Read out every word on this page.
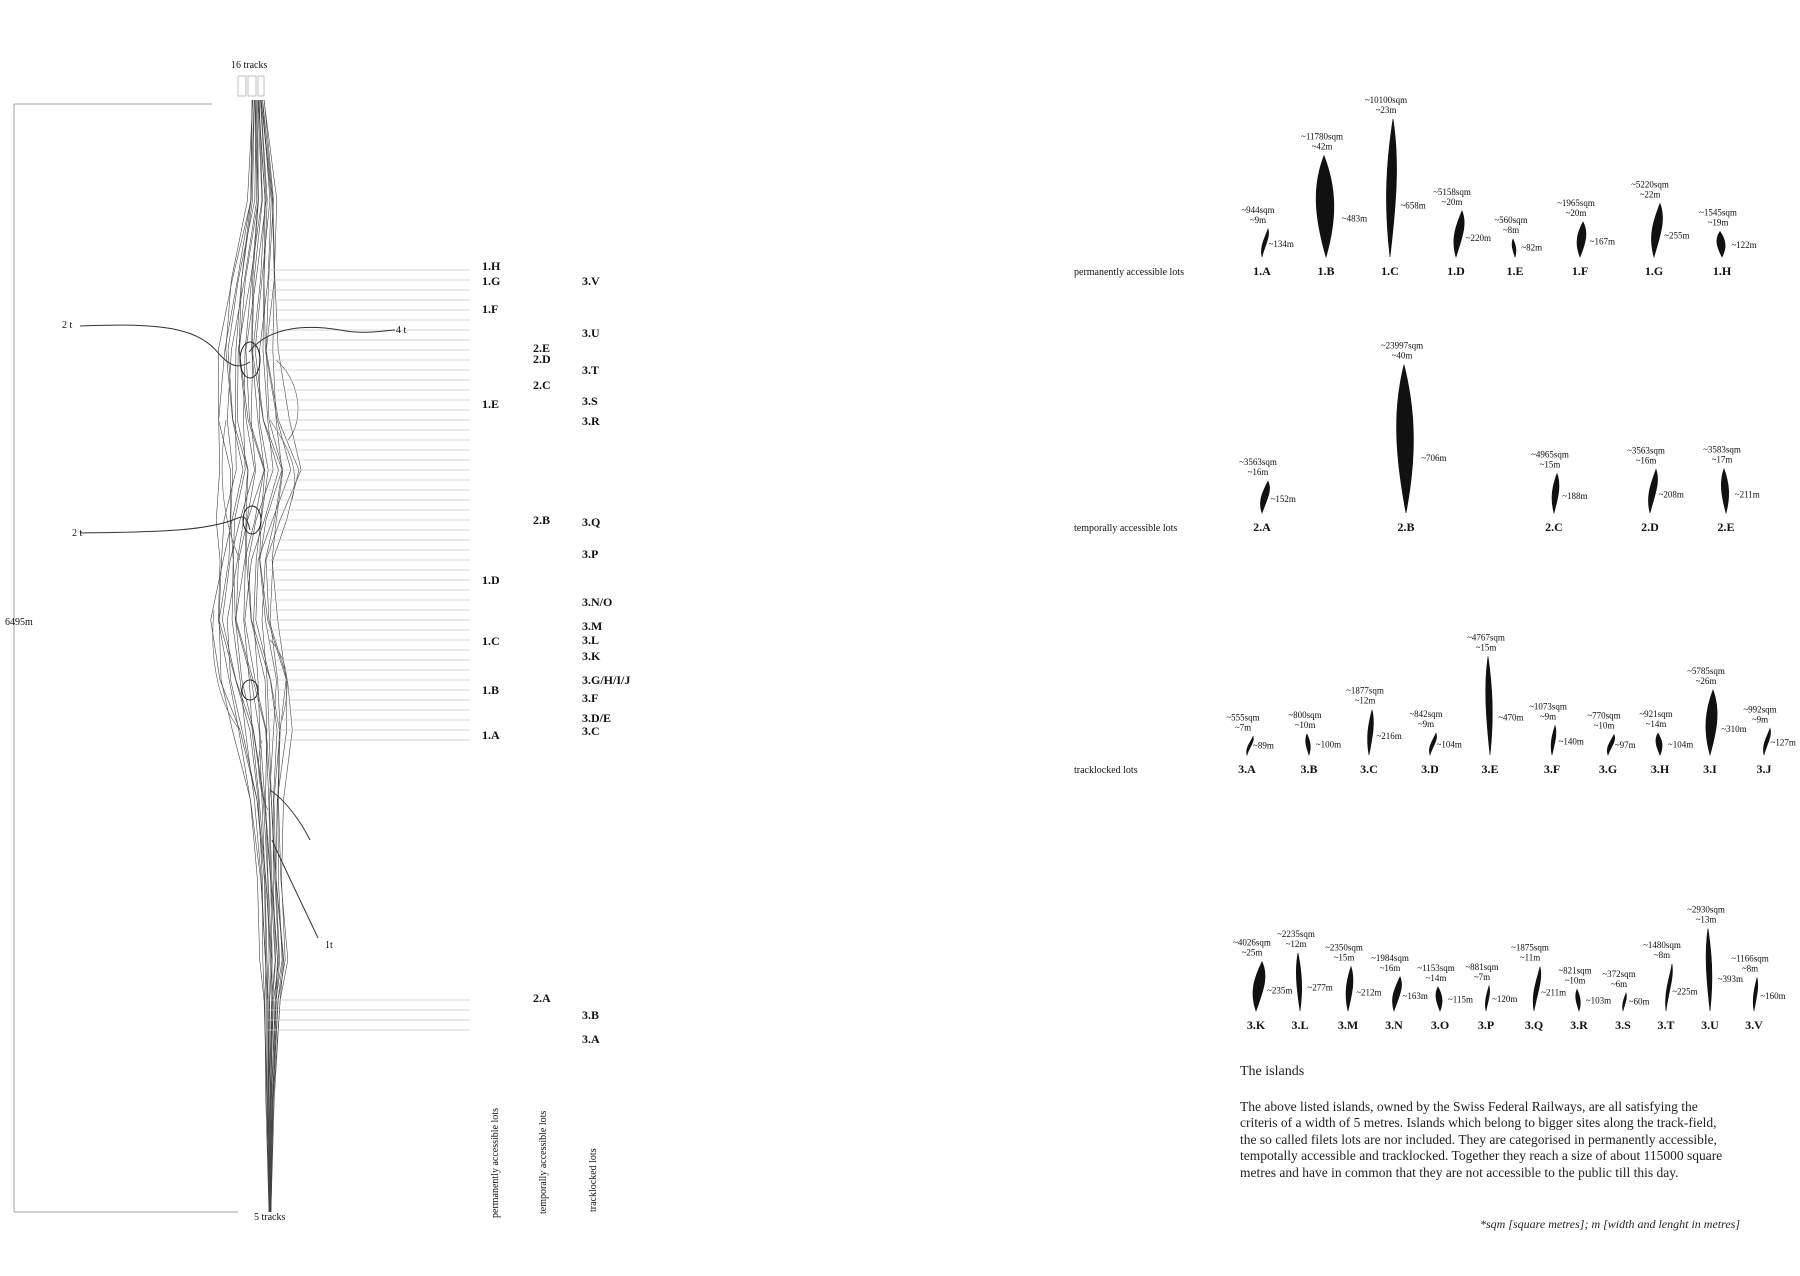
6495m
16 tracks
5 tracks
2 t	4 t
2 t
1t
1.H
1.G
1.F
1.E
1.D
1.C
1.B
1.A
2.E
2.D
2.C
2.B
2.A
3.V
3.U
3.T
3.S
3.R
3.Q
3.P
3.N/O
3.M
3.L
3.K
3.G/H/I/J
3.F
3.D/E
3.C
3.B
3.A
permanently accessible lots	temporally accessible lots	tracklocked lots
permanently accessible lots
~944sqm
~9m
~134m
1.A
~11780sqm
~42m
~483m
1.B
~10100sqm
~23m
~658m
1.C
~5158sqm
~20m
~220m
1.D
~560sqm
~8m
~82m
1.E
~1965sqm
~20m
~167m
1.F
~5220sqm
~22m
~255m
1.G
~1545sqm
~19m
~122m
1.H
temporally accessible lots
~3563sqm
~16m
~152m
2.A
~23997sqm
~40m
~706m
2.B
~4965sqm
~15m
~188m
2.C
~3563sqm
~16m
~208m
2.D
~3583sqm
~17m
~211m
2.E
tracklocked lots
~555sqm
~7m
~89m
3.A
~800sqm
~10m
~100m
3.B
~1877sqm
~12m
~216m
3.C
~842sqm
~9m
~104m
3.D
~4767sqm
~15m
~470m
3.E
~1073sqm
~9m
~140m
3.F
~770sqm
~10m
~97m
3.G
~921sqm
~14m
~104m
3.H
~5785sqm
~26m
~310m
3.I
~992sqm
~9m
~127m
3.J
~4026sqm
~25m
~235m
3.K
~2235sqm
~12m
~277m
3.L
~2350sqm
~15m
~212m
3.M
~1984sqm
~16m
~163m
3.N
~1153sqm
~14m
~115m
3.O
~881sqm
~7m
~120m
3.P
~1875sqm
~11m
~211m
3.Q
~821sqm
~10m
~103m
3.R
~372sqm
~6m
~60m
3.S
~1480sqm
~8m
~225m
3.T
~2930sqm
~13m
~393m
3.U
~1166sqm
~8m
~160m
3.V

The islands

The above listed islands, owned by the Swiss Federal Railways, are all satisfying the criteris of a width of 5 metres. Islands which belong to bigger sites along the track-field, the so called filets lots are nor included. They are categorised in permanently accessible, tempotally accessible and tracklocked. Together they reach a size of about 115000 square metres and have in common that they are not accessible to the public till this day.

*sqm [square metres]; m [width and lenght in metres]
